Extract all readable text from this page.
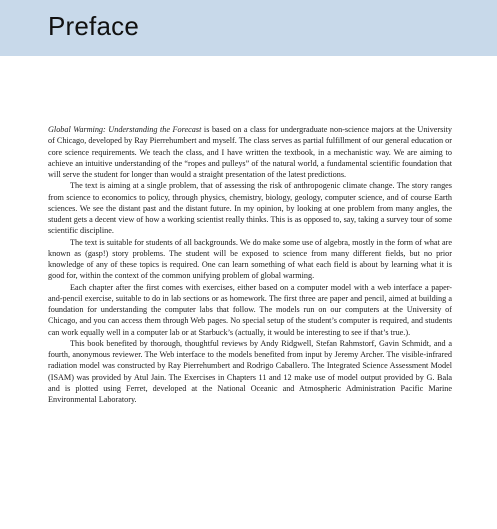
Preface

Global Warming: Understanding the Forecast is based on a class for undergraduate non-science majors at the University of Chicago, developed by Ray Pierrehumbert and myself. The class serves as partial fulfillment of our general education or core science requirements. We teach the class, and I have written the textbook, in a mechanistic way. We are aiming to achieve an intuitive understanding of the “ropes and pulleys” of the natural world, a fundamental scientific foundation that will serve the student for longer than would a straight presentation of the latest predictions.

The text is aiming at a single problem, that of assessing the risk of anthropogenic climate change. The story ranges from science to economics to policy, through physics, chemistry, biology, geology, computer science, and of course Earth sciences. We see the distant past and the distant future. In my opinion, by looking at one problem from many angles, the student gets a decent view of how a working scientist really thinks. This is as opposed to, say, taking a survey tour of some scientific discipline.

The text is suitable for students of all backgrounds. We do make some use of algebra, mostly in the form of what are known as (gasp!) story problems. The student will be exposed to science from many different fields, but no prior knowledge of any of these topics is required. One can learn something of what each field is about by learning what it is good for, within the context of the common unifying problem of global warming.

Each chapter after the first comes with exercises, either based on a computer model with a web interface a paper-and-pencil exercise, suitable to do in lab sections or as homework. The first three are paper and pencil, aimed at building a foundation for understanding the computer labs that follow. The models run on our computers at the University of Chicago, and you can access them through Web pages. No special setup of the student’s computer is required, and students can work equally well in a computer lab or at Starbuck’s (actually, it would be interesting to see if that’s true.).

This book benefited by thorough, thoughtful reviews by Andy Ridgwell, Stefan Rahmstorf, Gavin Schmidt, and a fourth, anonymous reviewer. The Web interface to the models benefited from input by Jeremy Archer. The visible-infrared radiation model was constructed by Ray Pierrehumbert and Rodrigo Caballero. The Integrated Science Assessment Model (ISAM) was provided by Atul Jain. The Exercises in Chapters 11 and 12 make use of model output provided by G. Bala and is plotted using Ferret, developed at the National Oceanic and Atmospheric Administration Pacific Marine Environmental Laboratory.
